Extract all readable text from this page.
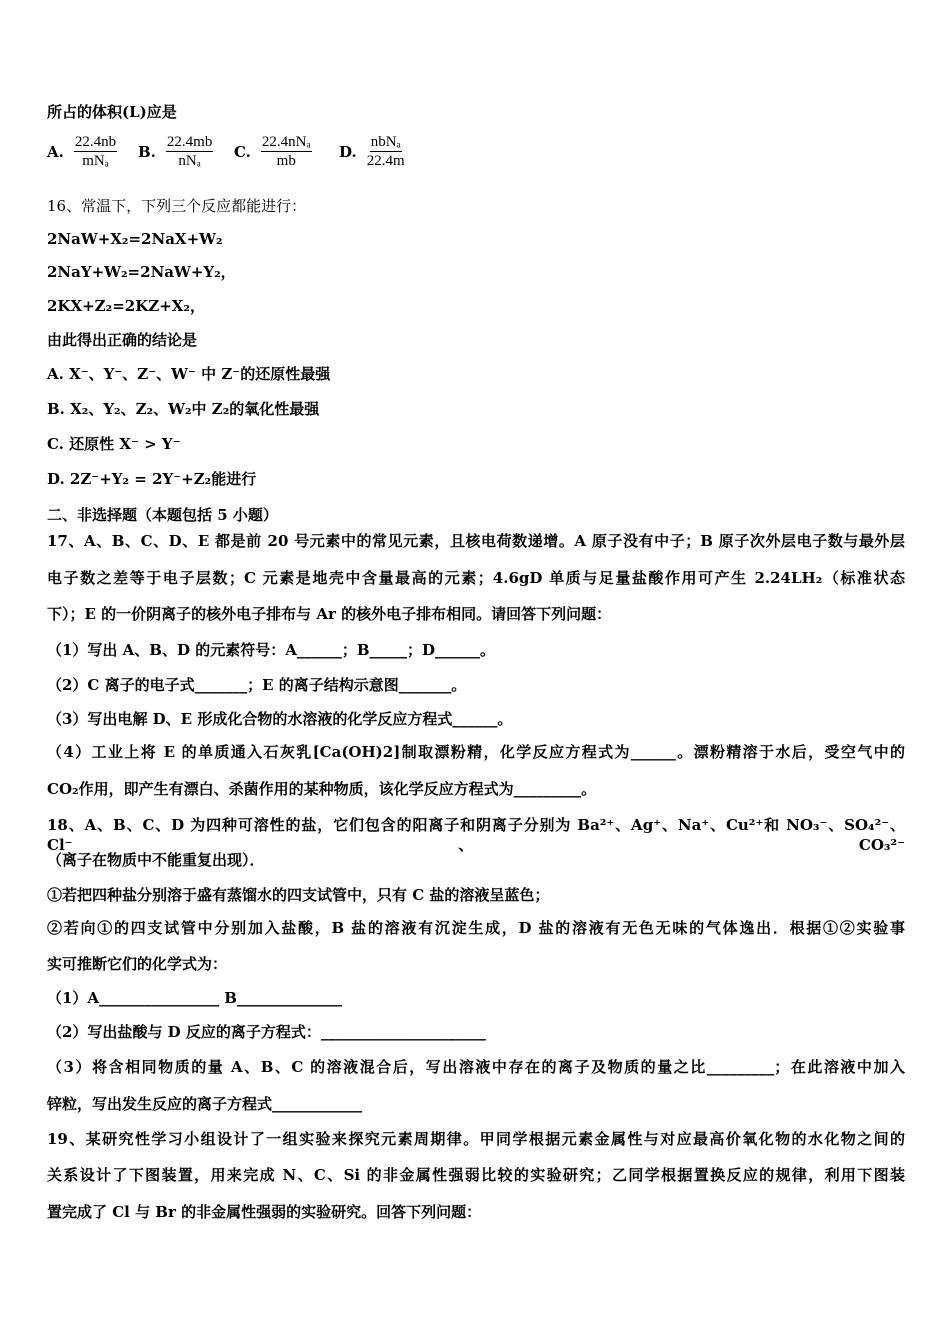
所占的体积(L)应是
A. $\frac{22.4nb}{\text{mNₐ}} B$. $\frac{22.4mb}{\text{nNₐ}} C$. $\frac{\text{22.4nNₐ}}{mb} D$. $\frac{\text{nbNₐ}}{22.4m}$
16、常温下，下列三个反应都能进行：
2NaW+X₂=2NaX+W₂
2NaY+W₂=2NaW+Y₂，
2KX+Z₂=2KZ+X₂，
由此得出正确的结论是
A. X⁻、Y⁻、Z⁻、W⁻ 中 Z⁻的还原性最强
B. X₂、Y₂、Z₂、W₂中 Z₂的氧化性最强
C. 还原性 X⁻ > Y⁻
D. 2Z⁻+Y₂ = 2Y⁻+Z₂能进行
二、非选择题（本题包括 5 小题）
17、A、B、C、D、E 都是前 20 号元素中的常见元素，且核电荷数递增。A 原子没有中子；B 原子次外层电子数与最外层
电子数之差等于电子层数；C 元素是地壳中含量最高的元素；4.6gD 单质与足量盐酸作用可产生 2.24LH₂（标准状态
下）；E 的一价阴离子的核外电子排布与 Ar 的核外电子排布相同。请回答下列问题：
（1）写出 A、B、D 的元素符号：A______；B_____；D______。
（2）C 离子的电子式_______；E 的离子结构示意图_______。
（3）写出电解 D、E 形成化合物的水溶液的化学反应方程式______。
（4）工业上将 E 的单质通入石灰乳[Ca(OH)2]制取漂粉精，化学反应方程式为______。漂粉精溶于水后，受空气中的
CO₂作用，即产生有漂白、杀菌作用的某种物质，该化学反应方程式为_________。
18、A、B、C、D 为四种可溶性的盐，它们包含的阳离子和阴离子分别为 Ba²⁺、Ag⁺、Na⁺、Cu²⁺和 NO₃⁻、SO₄²⁻、Cl⁻、CO₃²⁻
（离子在物质中不能重复出现）．
①若把四种盐分别溶于盛有蒸馏水的四支试管中，只有 C 盐的溶液呈蓝色；
②若向①的四支试管中分别加入盐酸，B 盐的溶液有沉淀生成，D 盐的溶液有无色无味的气体逸出．根据①②实验事
实可推断它们的化学式为：
（1）A________________ B______________
（2）写出盐酸与 D 反应的离子方程式：______________________
（3）将含相同物质的量 A、B、C 的溶液混合后，写出溶液中存在的离子及物质的量之比_________；在此溶液中加入
锌粒，写出发生反应的离子方程式____________
19、某研究性学习小组设计了一组实验来探究元素周期律。甲同学根据元素金属性与对应最高价氧化物的水化物之间的
关系设计了下图装置，用来完成 N、C、Si 的非金属性强弱比较的实验研究；乙同学根据置换反应的规律，利用下图装
置完成了 Cl 与 Br 的非金属性强弱的实验研究。回答下列问题：
